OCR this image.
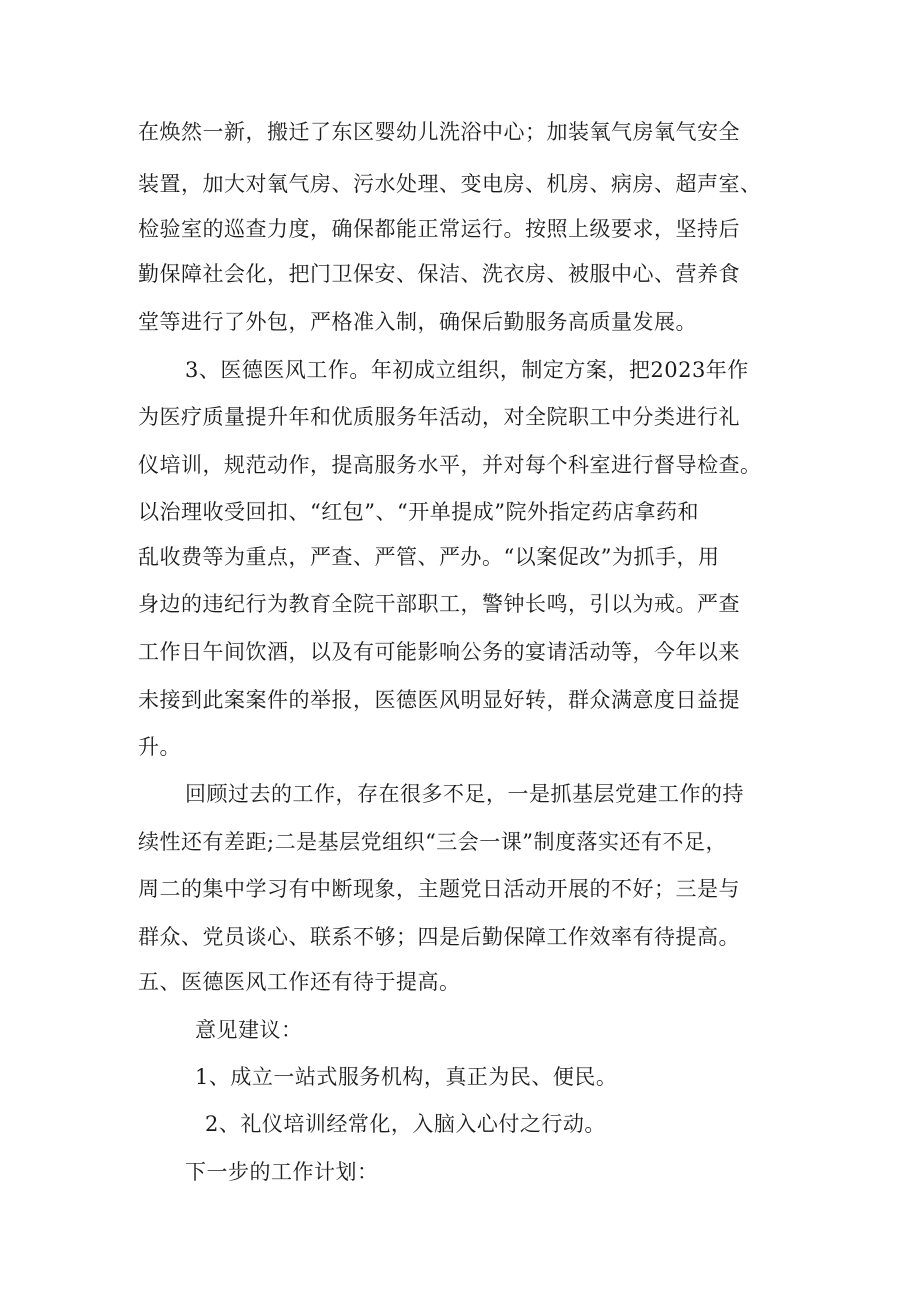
在焕然一新，搬迁了东区婴幼儿洗浴中心；加装氧气房氧气安全
装置，加大对氧气房、污水处理、变电房、机房、病房、超声室、
检验室的巡查力度，确保都能正常运行。按照上级要求，坚持后
勤保障社会化，把门卫保安、保洁、洗衣房、被服中心、营养食
堂等进行了外包，严格准入制，确保后勤服务高质量发展。
3、医德医风工作。年初成立组织，制定方案，把2023年作
为医疗质量提升年和优质服务年活动，对全院职工中分类进行礼
仪培训，规范动作，提高服务水平，并对每个科室进行督导检查。
以治理收受回扣、“红包”、“开单提成”院外指定药店拿药和
乱收费等为重点，严查、严管、严办。“以案促改”为抓手，用
身边的违纪行为教育全院干部职工，警钟长鸣，引以为戒。严查
工作日午间饮酒，以及有可能影响公务的宴请活动等，今年以来
未接到此案案件的举报，医德医风明显好转，群众满意度日益提
升。
回顾过去的工作，存在很多不足，一是抓基层党建工作的持
续性还有差距;二是基层党组织“三会一课”制度落实还有不足，
周二的集中学习有中断现象，主题党日活动开展的不好；三是与
群众、党员谈心、联系不够；四是后勤保障工作效率有待提高。
五、医德医风工作还有待于提高。
意见建议：
1、成立一站式服务机构，真正为民、便民。
2、礼仪培训经常化，入脑入心付之行动。
下一步的工作计划：
